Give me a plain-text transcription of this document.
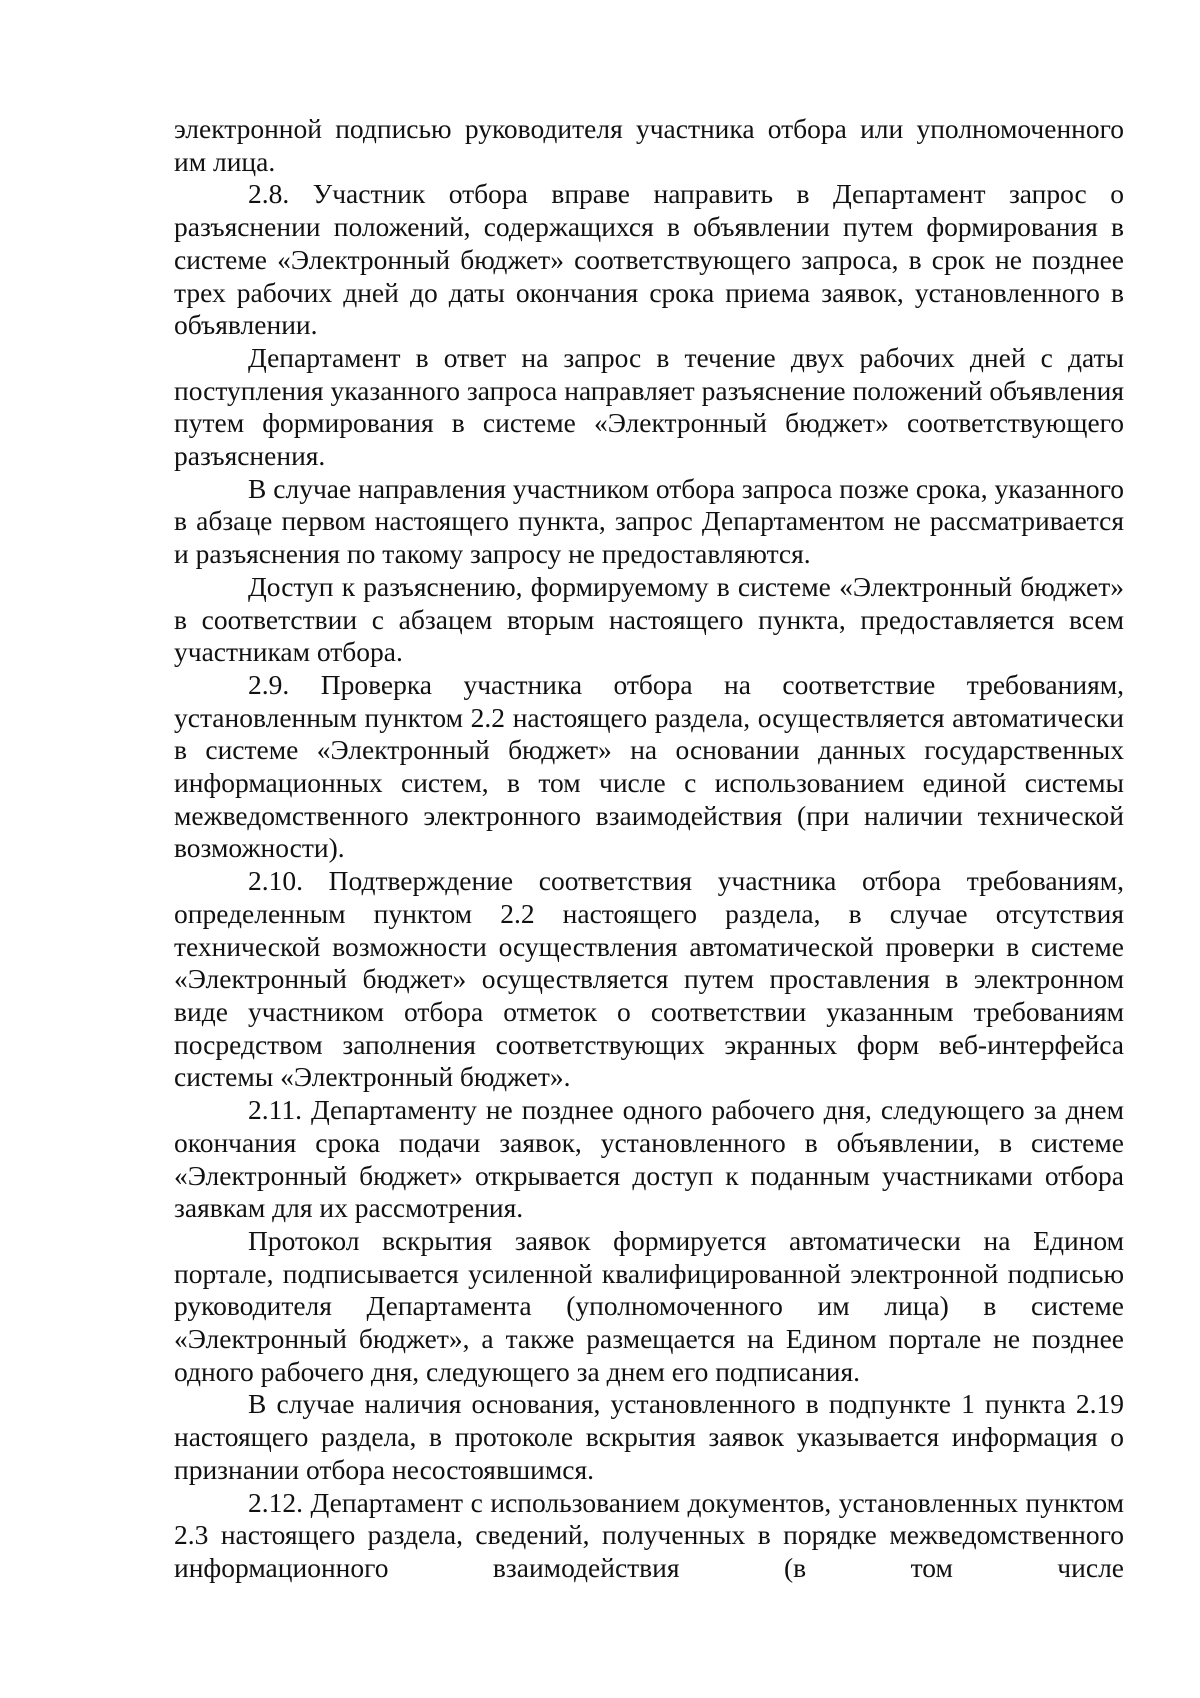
электронной подписью руководителя участника отбора или уполномоченного им лица.

2.8. Участник отбора вправе направить в Департамент запрос о разъяснении положений, содержащихся в объявлении путем формирования в системе «Электронный бюджет» соответствующего запроса, в срок не позднее трех рабочих дней до даты окончания срока приема заявок, установленного в объявлении.

Департамент в ответ на запрос в течение двух рабочих дней с даты поступления указанного запроса направляет разъяснение положений объявления путем формирования в системе «Электронный бюджет» соответствующего разъяснения.

В случае направления участником отбора запроса позже срока, указанного в абзаце первом настоящего пункта, запрос Департаментом не рассматривается и разъяснения по такому запросу не предоставляются.

Доступ к разъяснению, формируемому в системе «Электронный бюджет» в соответствии с абзацем вторым настоящего пункта, предоставляется всем участникам отбора.

2.9. Проверка участника отбора на соответствие требованиям, установленным пунктом 2.2 настоящего раздела, осуществляется автоматически в системе «Электронный бюджет» на основании данных государственных информационных систем, в том числе с использованием единой системы межведомственного электронного взаимодействия (при наличии технической возможности).

2.10. Подтверждение соответствия участника отбора требованиям, определенным пунктом 2.2 настоящего раздела, в случае отсутствия технической возможности осуществления автоматической проверки в системе «Электронный бюджет» осуществляется путем проставления в электронном виде участником отбора отметок о соответствии указанным требованиям посредством заполнения соответствующих экранных форм веб-интерфейса системы «Электронный бюджет».

2.11. Департаменту не позднее одного рабочего дня, следующего за днем окончания срока подачи заявок, установленного в объявлении, в системе «Электронный бюджет» открывается доступ к поданным участниками отбора заявкам для их рассмотрения.

Протокол вскрытия заявок формируется автоматически на Едином портале, подписывается усиленной квалифицированной электронной подписью руководителя Департамента (уполномоченного им лица) в системе «Электронный бюджет», а также размещается на Едином портале не позднее одного рабочего дня, следующего за днем его подписания.

В случае наличия основания, установленного в подпункте 1 пункта 2.19 настоящего раздела, в протоколе вскрытия заявок указывается информация о признании отбора несостоявшимся.

2.12. Департамент с использованием документов, установленных пунктом 2.3 настоящего раздела, сведений, полученных в порядке межведомственного информационного взаимодействия (в том числе
